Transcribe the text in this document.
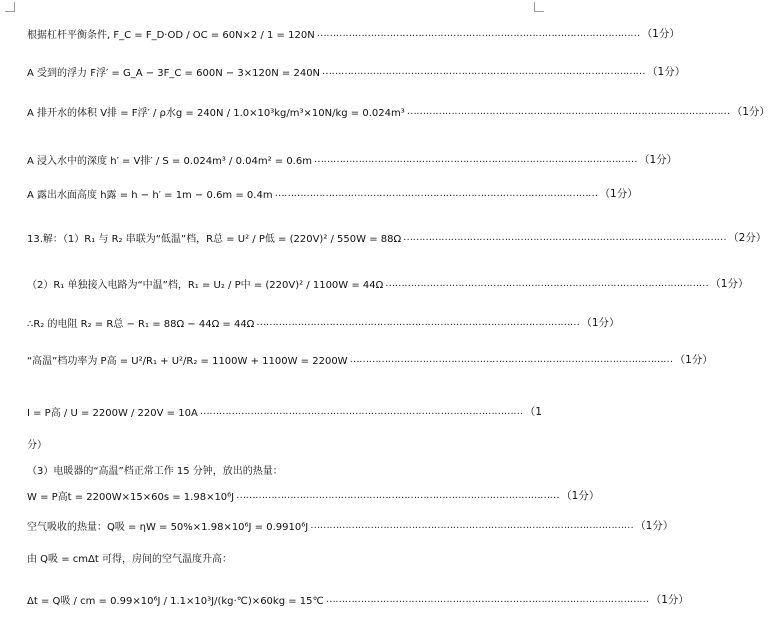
根据杠杆平衡条件, F_C = F_D·OD / OC = 60N×2 / 1 = 120N ………………………………………………………………………………………… （1分）
A 受到的浮力 F浮′ = G_A − 3F_C = 600N − 3×120N = 240N ………………………………………………………………………………………… （1分）
A 排开水的体积 V排 = F浮′ / ρ水g = 240N / 1.0×10³kg/m³×10N/kg = 0.024m³ ………………………………………………………………………………………… （1分）
A 浸入水中的深度 h′ = V排′ / S = 0.024m³ / 0.04m² = 0.6m ………………………………………………………………………………………… （1分）
A 露出水面高度 h露 = h − h′ = 1m − 0.6m = 0.4m ………………………………………………………………………………………… （1分）
13.解：（1）R₁ 与 R₂ 串联为“低温”档，R总 = U² / P低 = (220V)² / 550W = 88Ω ………………………………………………………………………………………… （2分）
（2）R₁ 单独接入电路为“中温”档，R₁ = U₂ / P中 = (220V)² / 1100W = 44Ω ………………………………………………………………………………………… （1分）
∴R₂ 的电阻 R₂ = R总 − R₁ = 88Ω − 44Ω = 44Ω ………………………………………………………………………………………… （1分）
“高温”档功率为 P高 = U²/R₁ + U²/R₂ = 1100W + 1100W = 2200W ………………………………………………………………………………………… （1分）
I = P高 / U = 2200W / 220V = 10A ………………………………………………………………………………………… （1
分）
（3）电暖器的“高温”档正常工作 15 分钟，放出的热量：
W = P高t = 2200W×15×60s = 1.98×10⁶J ………………………………………………………………………………………… （1分）
空气吸收的热量：Q吸 = ηW = 50%×1.98×10⁶J = 0.9910⁶J ………………………………………………………………………………………… （1分）
由 Q吸 = cmΔt 可得，房间的空气温度升高：
Δt = Q吸 / cm = 0.99×10⁶J / 1.1×10³J/(kg·℃)×60kg = 15℃ ………………………………………………………………………………………… （1分）
